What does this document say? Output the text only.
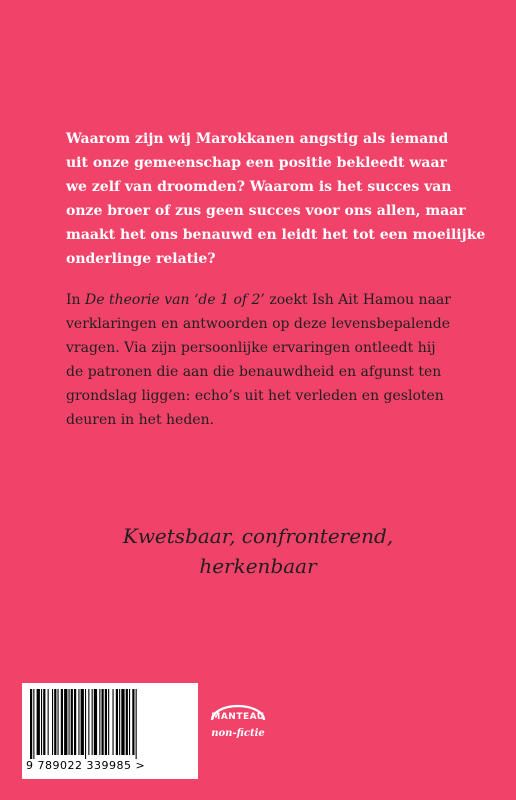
Waarom zijn wij Marokkanen angstig als iemand
uit onze gemeenschap een positie bekleedt waar
we zelf van droomden? Waarom is het succes van
onze broer of zus geen succes voor ons allen, maar
maakt het ons benauwd en leidt het tot een moeilijke
onderlinge relatie?

In De theorie van ‘de 1 of 2’ zoekt Ish Ait Hamou naar
verklaringen en antwoorden op deze levensbepalende
vragen. Via zijn persoonlijke ervaringen ontleedt hij
de patronen die aan die benauwdheid en afgunst ten
grondslag liggen: echo’s uit het verleden en gesloten
deuren in het heden.

Kwetsbaar, confronterend,
herkenbaar

9 789022 339985 >
MANTEAU
non-fictie
